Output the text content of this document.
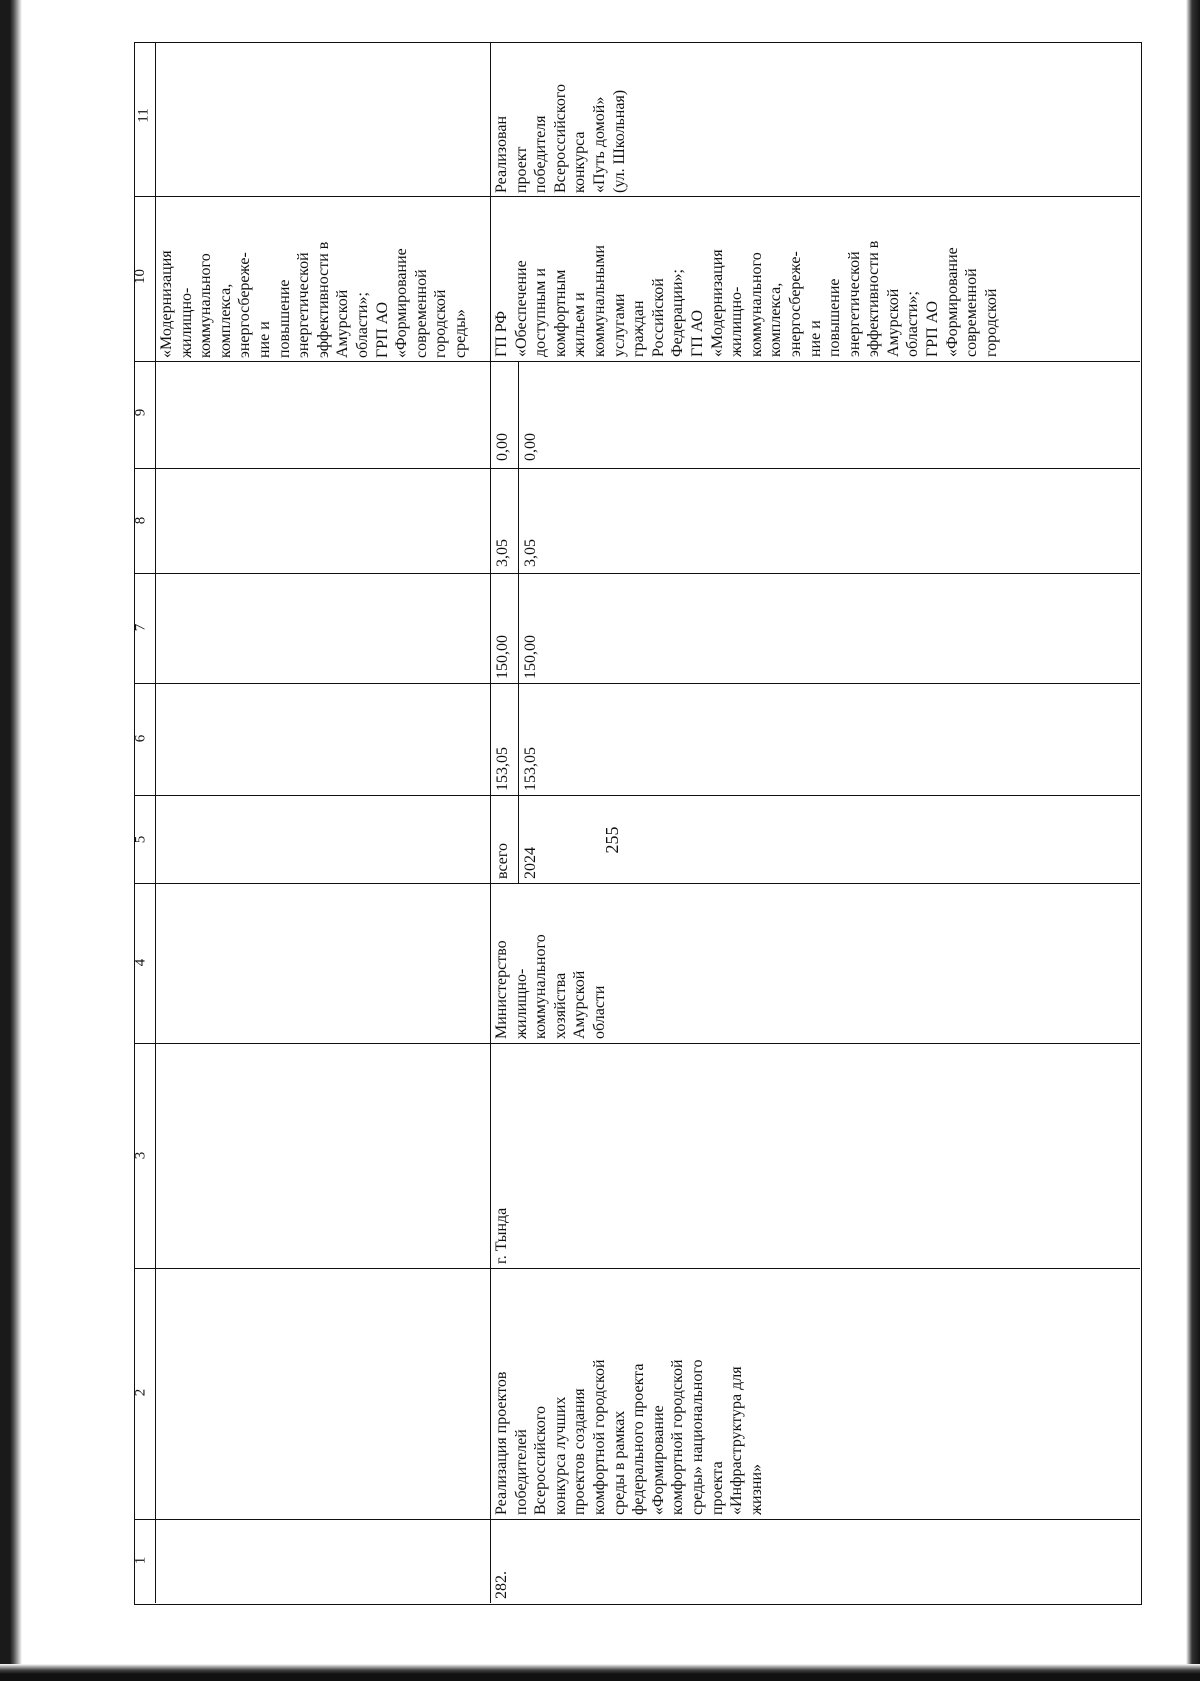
255
11
10
9
8
7
6
5
4
3
2
1
«Модернизация
жилищно-
коммунального
комплекса,
энергосбереже-
ние и
повышение
энергетической
эффективности в
Амурской
области»;
ГРП АО
«Формирование
современной
городской
среды»
282.
Реализация проектов
победителей
Всероссийского
конкурса лучших
проектов создания
комфортной городской
среды в рамках
федерального проекта
«Формирование
комфортной городской
среды» национального
проекта
«Инфраструктура для
жизни»
г. Тында
Министерство
жилищно-
коммунального
хозяйства
Амурской
области
всего 2024
153,05 153,05
150,00 150,00
3,05 3,05
0,00 0,00
ГП РФ
«Обеспечение
доступным и
комфортным
жильем и
коммунальными
услугами
граждан
Российской
Федерации»;
ГП АО
«Модернизация
жилищно-
коммунального
комплекса,
энергосбереже-
ние и
повышение
энергетической
эффективности в
Амурской
области»;
ГРП АО
«Формирование
современной
городской
Реализован
проект
победителя
Всероссийского
конкурса
«Путь домой»
(ул. Школьная)
